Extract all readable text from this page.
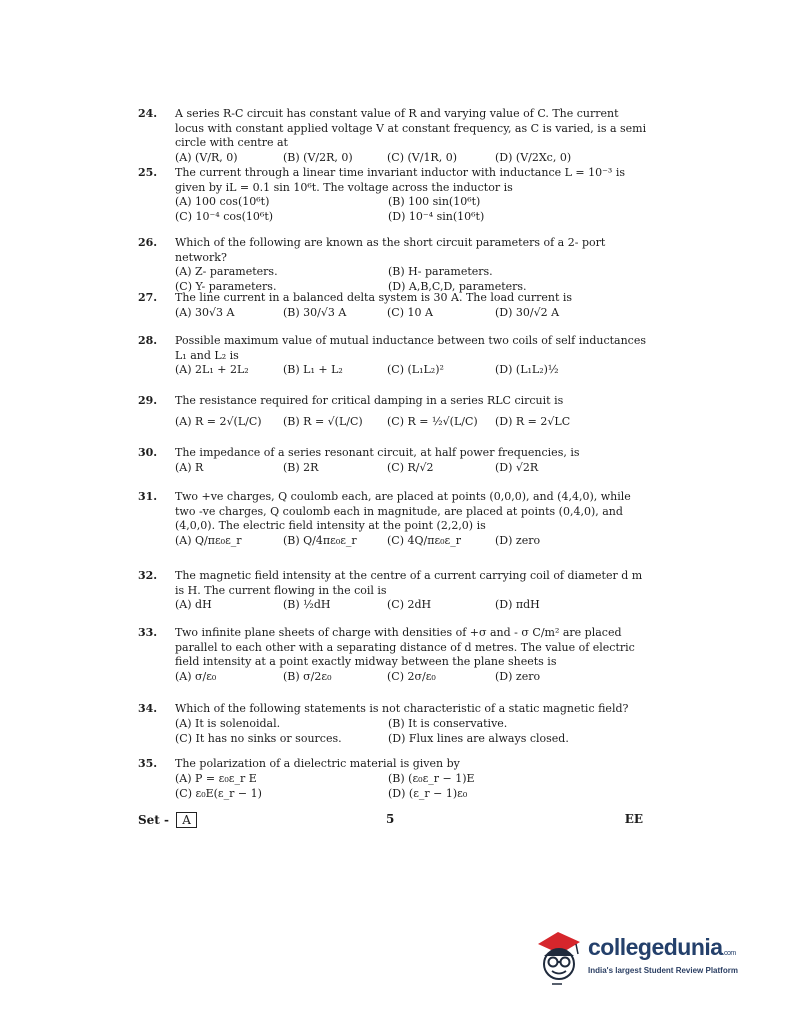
24. A series R-C circuit has constant value of R and varying value of C. The current locus with constant applied voltage V at constant frequency, as C is varied, is a semi circle with centre at
(A) (V/R, 0)	(B) (V/2R, 0)	(C) (V/1R, 0)	(D) (V/2Xc, 0)
25. The current through a linear time invariant inductor with inductance L = 10⁻³ is given by iL = 0.1 sin 10⁶t. The voltage across the inductor is
(A) 100 cos(10⁶t)	(B) 100 sin(10⁶t)
(C) 10⁻⁴ cos(10⁶t)	(D) 10⁻⁴ sin(10⁶t)
26. Which of the following are known as the short circuit parameters of a 2- port network?
(A) Z- parameters.	(B) H- parameters.
(C) Y- parameters.	(D) A,B,C,D, parameters.
27. The line current in a balanced delta system is 30 A. The load current is
(A) 30√3 A	(B) 30/√3 A	(C) 10 A	(D) 30/√2 A
28. Possible maximum value of mutual inductance between two coils of self inductances L₁ and L₂ is
(A) 2L₁ + 2L₂	(B) L₁ + L₂	(C) (L₁L₂)²	(D) (L₁L₂)½
29. The resistance required for critical damping in a series RLC circuit is
(A) R = 2√(L/C) (B) R = √(L/C) (C) R = ½√(L/C) (D) R = 2√LC
30. The impedance of a series resonant circuit, at half power frequencies, is
(A) R	(B) 2R	(C) R/√2	(D) √2R
31. Two +ve charges, Q coulomb each, are placed at points (0,0,0), and (4,4,0), while two -ve charges, Q coulomb each in magnitude, are placed at points (0,4,0), and (4,0,0). The electric field intensity at the point (2,2,0) is
(A) Q/πε₀ε_r	(B) Q/4πε₀ε_r	(C) 4Q/πε₀ε_r	(D) zero
32. The magnetic field intensity at the centre of a current carrying coil of diameter d m is H. The current flowing in the coil is
(A) dH	(B) ½dH	(C) 2dH	(D) πdH
33. Two infinite plane sheets of charge with densities of +σ and - σ C/m² are placed parallel to each other with a separating distance of d metres. The value of electric field intensity at a point exactly midway between the plane sheets is
(A) σ/ε₀	(B) σ/2ε₀	(C) 2σ/ε₀	(D) zero
34. Which of the following statements is not characteristic of a static magnetic field?
(A) It is solenoidal.	(B) It is conservative.
(C) It has no sinks or sources.	(D) Flux lines are always closed.
35. The polarization of a dielectric material is given by
(A) P = ε₀ε_r E	(B) (ε₀ε_r − 1)E
(C) ε₀E(ε_r − 1)	(D) (ε_r − 1)ε₀
Set - A	5	EE
collegedunia.com
India's largest Student Review Platform
